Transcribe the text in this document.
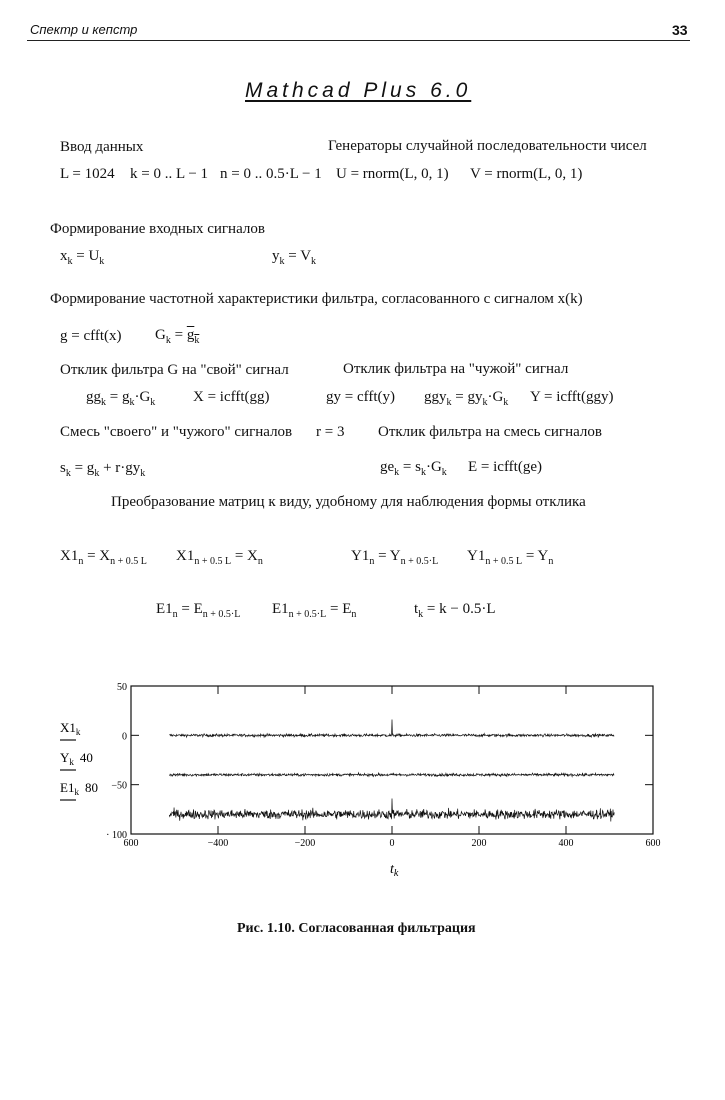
Спектр и кепстр	33
Mathcad Plus 6.0
Ввод данных	Генераторы случайной последовательности чисел
L = 1024 k = 0 .. L − 1 n = 0 .. 0.5·L − 1 U = rnorm(L, 0, 1) V = rnorm(L, 0, 1)
Формирование входных сигналов
$x_k = U_k$	$y_k = V_k$
Формирование частотной характеристики фильтра, согласованного с сигналом x(k)
g = cfft(x) $G_k = g_k$
Отклик фильтра G на "свой" сигнал	Отклик фильтра на "чужой" сигнал
$gg_k = g_k\cdot G_k$	X = icfft(gg)	gy = cfft(y) $ggy_k = gy_k\cdot G_k$ Y = icfft(ggy)
Смесь "своего" и "чужого" сигналов r = 3 Отклик фильтра на смесь сигналов
$s_k = g_k + r\cdot gy_k$	$ge_k = s_k\cdot G_k$ E = icfft(ge)
Преобразование матриц к виду, удобному для наблюдения формы отклика
$X1_n = X_{n + 0.5 L}$ $X1_{n + 0.5 L} = X_n$	$Y1_n = Y_{n + 0.5\cdot L}$ $Y1_{n + 0.5 L} = Y_n$
$E1_n = E_{n + 0.5\cdot L}$ $E1_{n + 0.5\cdot L} = E_n$	$t_k = k - 0.5\cdot L$
600	−400	−200	0	200	400	600
50
0
−50
· 100
$t_k$
$X1_k$
$Y_k$ 40
$E1_k$ 80
Рис. 1.10. Согласованная фильтрация
